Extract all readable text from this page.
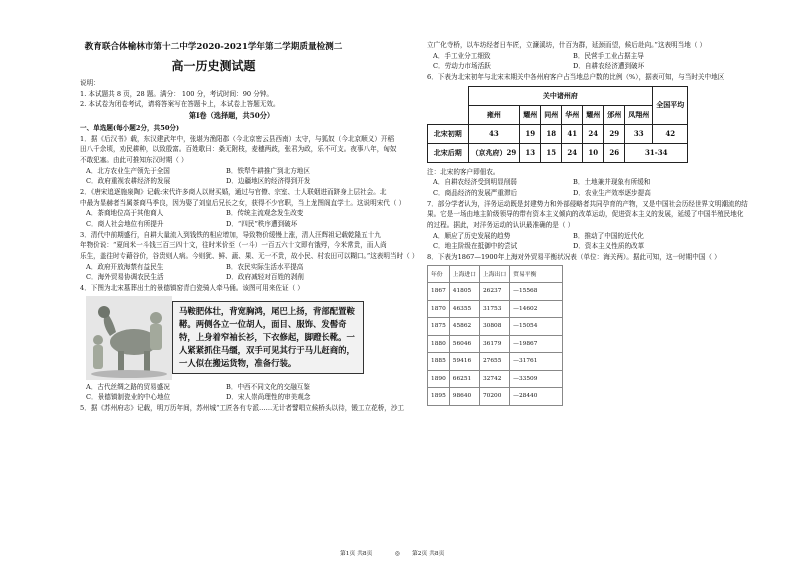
教育联合体榆林市第十二中学2020-2021学年第二学期质量检测二
高一历史测试题
说明：
1. 本试题共 8 页，28 题。满分： 100 分，考试时间：90 分钟。
2. 本试卷为闭卷考试，请将答案写在答题卡上，本试卷上答题无效。
第Ⅰ卷（选择题，共50分）
一、单选题(每小题2分，共50分)
1．据《后汉书》载，东汉建武年中，张堪为渔阳郡（今北京密云县西南）太守，与狐奴（今北京顺义）开稻
田八千余顷，劝民耕种，以致殷富。百姓歌曰：桑无附枝，麦穗两歧，张君为政，乐不可支。夜事八年，匈奴
不敢犯塞。由此可推知东汉时期（ ）
A．北方农业生产领先于全国	B．铁犁牛耕推广到北方地区
C．政府重视农耕经济的发展	D．边疆地区的经济得到开发
2．《唐宋追逐施泉陶》记载:宋代许多商人以财买婚，通过与官僚、宗室、士人联姻进而跻身上层社会。北
中最为显赫者当属茶商马季良，因为娶了刘皇后兄长之女，获得不少官职，当上龙图阁直学士。这说明宋代（ ）
A．茶商地位高于其他商人	B．传统主流观念发生改变
C．商人社会地位有所提升	D．“四民”秩序遭到破坏
3．清代中前期盛行，自耕大量流入到钱铁的相应增加，导致物价缓慢上涨，清人汪辉祖记载乾隆五十九
年物价说：“夏间米一斗钱三百三四十文，往时米价至（一斗）一百五六十文即有饿殍，今米常贵，而人尚
乐生，盖往时专藉谷价，谷贵则人病。今则犹、鲜、蔬、果、无一不贵，故小民、村农田可以糊口。”这表明当时（ ）
A．政府开放海禁有益民生	B．农民实际生活水平提高
C．海外贸易协调农民生活	D．政府减轻对百姓的剥削
4．下图为北宋墓葬出土的景德镇窑青白瓷骑人牵马俑。该图可用来佐证（ ）
马鞍肥体壮，背宽胸鸿，尾巴上扬，背部配置鞍鞯。两侧各立一位胡人，面目、服饰、发髻奇特，上身着窄袖长衫，下衣修起，脚蹬长靴。一人紧紧抓住马缰，双手可见其行于马儿赶商的，一人似在搬运货物，准备行装。
A．古代丝绸之路的贸易盛况	B．中西不同文化的交融互鉴
C．景德镇制瓷业的中心地位	D．宋人崇尚理性的审美观念
5．据《苏州府志》记载，明万历年间，苏州城“工匠各有专派……无计者譬唱立候桥头以待，锻工立花桥，沙工
立广化寺桥，以车坊经者日车匠，立濂溪坊，什百为群，延颈而望，候后赴向。”这表明当地（ ）
A．手工业分工细致	B．民营手工业占据主导
C．劳动力市场活跃	D．自耕农经济遭到破坏
6．下表为北宋初年与北宋末期关中各州府客户占当地总户数的比例（%），据表可知，与当时关中地区
	关中诸州府							全国平均
	雍州	耀州	同州	华州	耀州	邠州	凤翔州	
北宋初期	43	19	18	41	24	29	33	42
北宋后期	（京兆府）29	13	15	24	10	26	31-34	
注：北宋的客户即佃农。
A．自耕农经济受到明显削弱	B．土地兼并现象有所缓和
C．商品经济的发展严重滞后	D．农业生产效率逐步提高
7．部分学者认为，洋务运动既是封建势力和外部侵略者共同孕育的产物，又是中国社会历经世界文明潮流的结
果。它是一场由地主阶级领导的带有资本主义倾向的改革运动，促进资本主义的发展，延缓了中国半殖民地化
的过程。据此，对洋务运动的认识最准确的是（ ）
A．顺应了历史发展的趋势	B．推动了中国的近代化
C．地主阶级在抵御中的尝试	D．资本主义性质的改革
8．下表为1867—1900年上海对外贸易平衡状况表（单位：海关两）。据此可知，这一时期中国（ ）
年份	上海进口	上海出口	贸易平衡
1867	41805	26237	—15568
1870	46355	31753	—14602
1875	45862	30808	—15054
1880	56046	36179	—19867
1885	59416	27655	—31761
1890	66251	32742	—33509
1895	98640	70200	—28440
第1页 共8页	◎ 第2页 共8页
